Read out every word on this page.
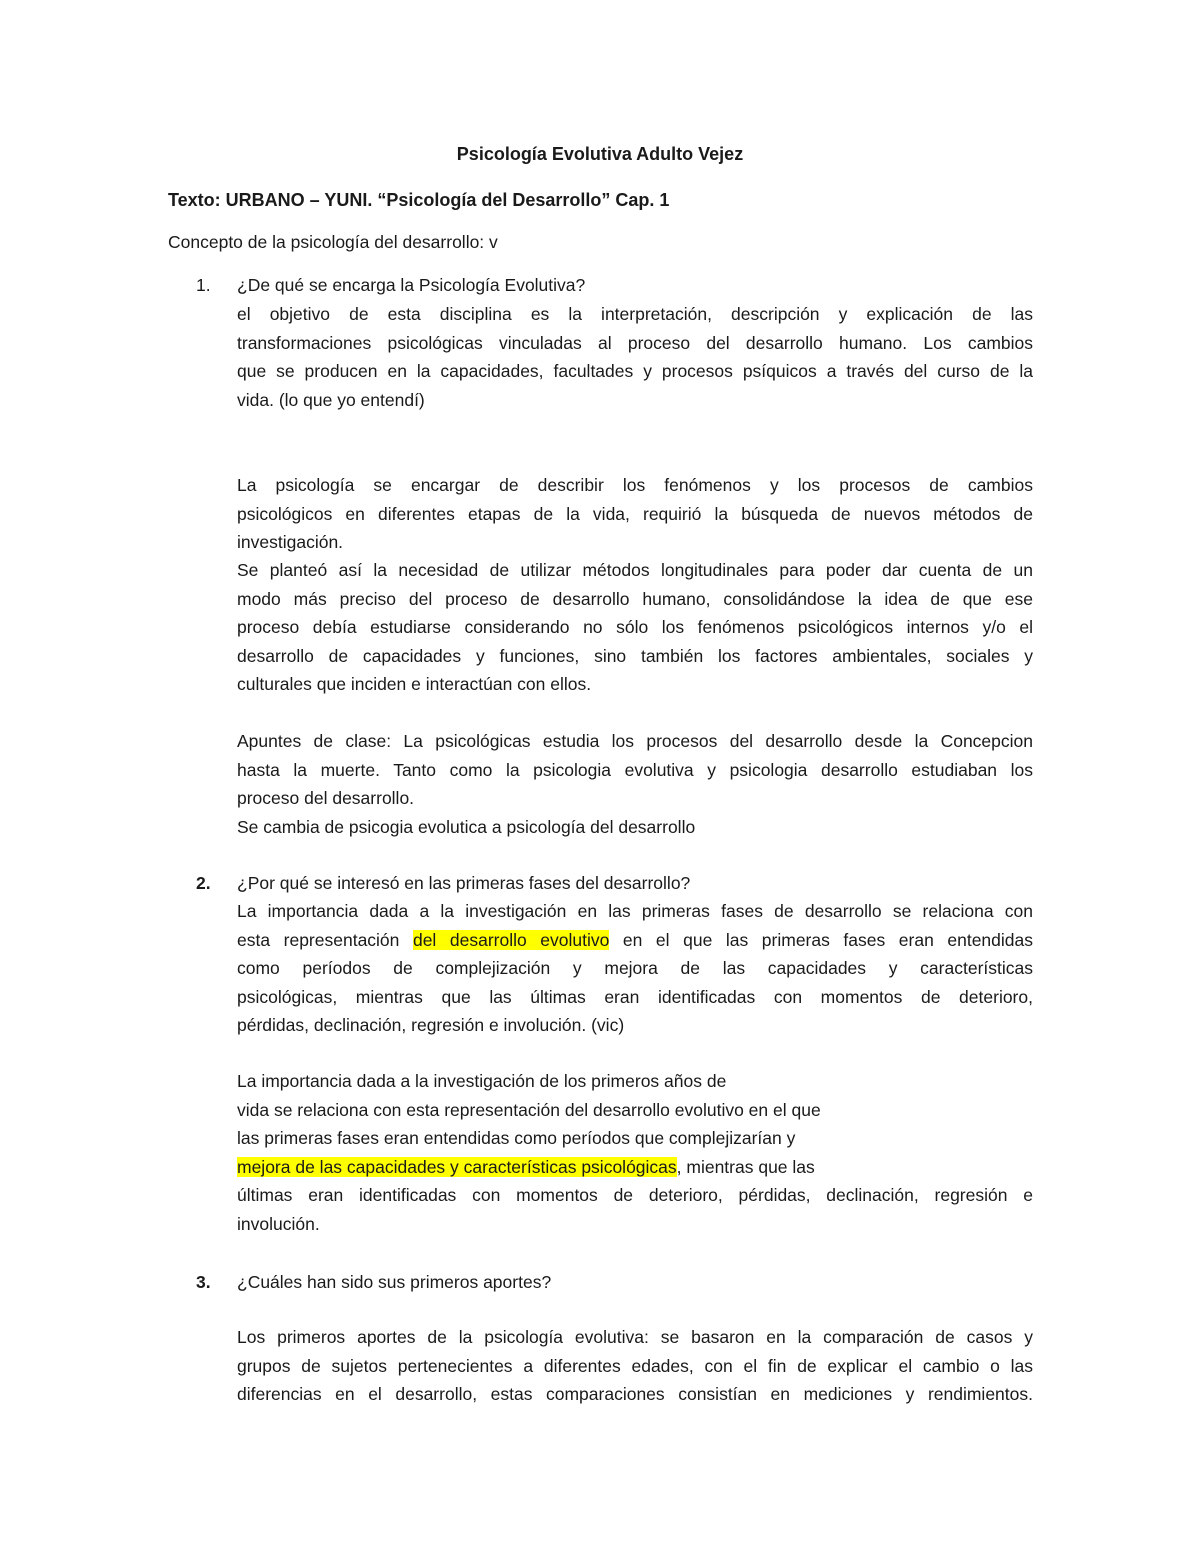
Psicología Evolutiva Adulto Vejez
Texto: URBANO – YUNI. “Psicología del Desarrollo” Cap. 1
Concepto de la psicología del desarrollo: v
1. ¿De qué se encarga la Psicología Evolutiva?
el objetivo de esta disciplina es la interpretación, descripción y explicación de las
transformaciones psicológicas vinculadas al proceso del desarrollo humano. Los cambios
que se producen en la capacidades, facultades y procesos psíquicos a través del curso de la
vida. (lo que yo entendí)
La psicología se encargar de describir los fenómenos y los procesos de cambios
psicológicos en diferentes etapas de la vida, requirió la búsqueda de nuevos métodos de
investigación.
Se planteó así la necesidad de utilizar métodos longitudinales para poder dar cuenta de un
modo más preciso del proceso de desarrollo humano, consolidándose la idea de que ese
proceso debía estudiarse considerando no sólo los fenómenos psicológicos internos y/o el
desarrollo de capacidades y funciones, sino también los factores ambientales, sociales y
culturales que inciden e interactúan con ellos.
Apuntes de clase: La psicológicas estudia los procesos del desarrollo desde la Concepcion
hasta la muerte. Tanto como la psicologia evolutiva y psicologia desarrollo estudiaban los
proceso del desarrollo.
Se cambia de psicogia evolutica a psicología del desarrollo
2. ¿Por qué se interesó en las primeras fases del desarrollo?
La importancia dada a la investigación en las primeras fases de desarrollo se relaciona con
esta representación del desarrollo evolutivo en el que las primeras fases eran entendidas
como períodos de complejización y mejora de las capacidades y características
psicológicas, mientras que las últimas eran identificadas con momentos de deterioro,
pérdidas, declinación, regresión e involución. (vic)
La importancia dada a la investigación de los primeros años de
vida se relaciona con esta representación del desarrollo evolutivo en el que
las primeras fases eran entendidas como períodos que complejizarían y
mejora de las capacidades y características psicológicas, mientras que las
últimas eran identificadas con momentos de deterioro, pérdidas, declinación, regresión e
involución.
3. ¿Cuáles han sido sus primeros aportes?
Los primeros aportes de la psicología evolutiva: se basaron en la comparación de casos y
grupos de sujetos pertenecientes a diferentes edades, con el fin de explicar el cambio o las
diferencias en el desarrollo, estas comparaciones consistían en mediciones y rendimientos.
